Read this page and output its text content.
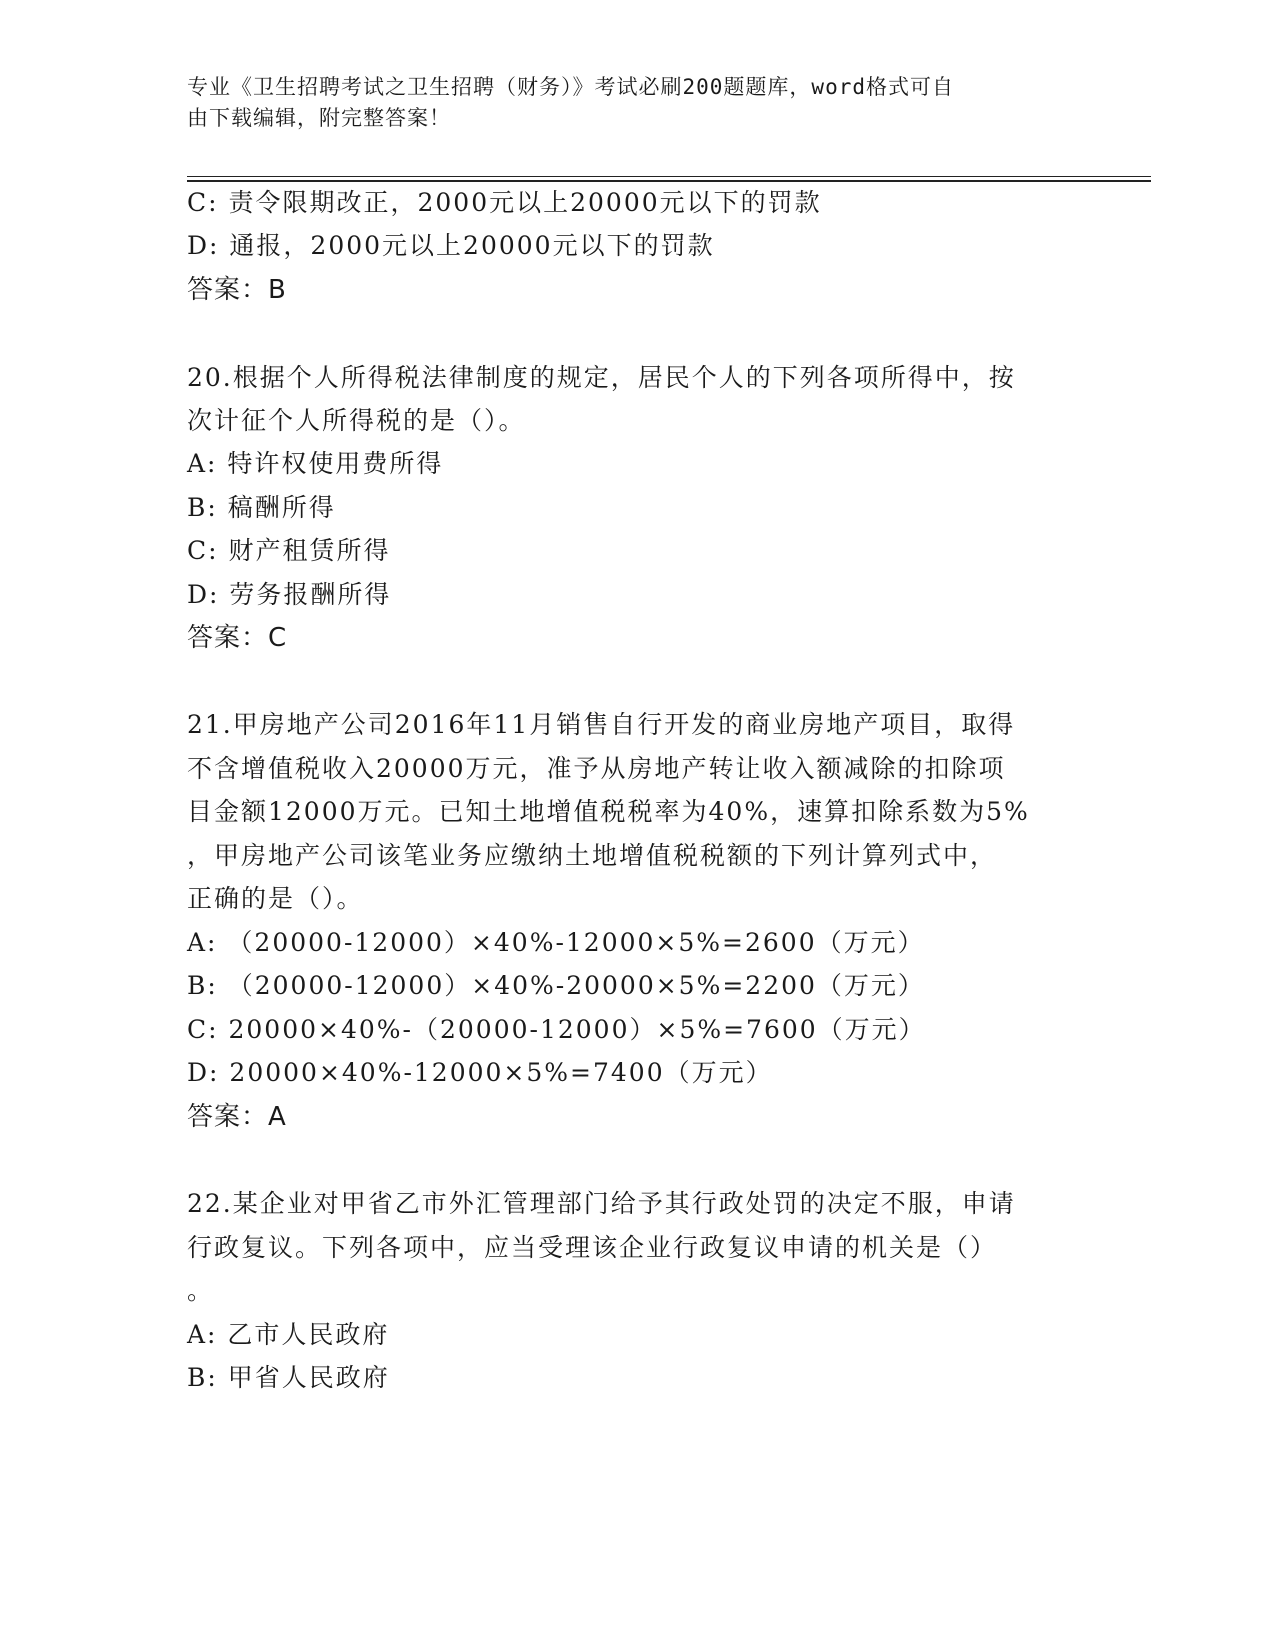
专业《卫生招聘考试之卫生招聘（财务）》考试必刷200题题库，word格式可自
由下载编辑，附完整答案！
C: 责令限期改正，2000元以上20000元以下的罚款
D: 通报，2000元以上20000元以下的罚款
答案：B
20.根据个人所得税法律制度的规定，居民个人的下列各项所得中，按
次计征个人所得税的是（）。
A: 特许权使用费所得
B: 稿酬所得
C: 财产租赁所得
D: 劳务报酬所得
答案：C
21.甲房地产公司2016年11月销售自行开发的商业房地产项目，取得
不含增值税收入20000万元，准予从房地产转让收入额减除的扣除项
目金额12000万元。已知土地增值税税率为40%，速算扣除系数为5%
，甲房地产公司该笔业务应缴纳土地增值税税额的下列计算列式中，
正确的是（）。
A: （20000-12000）×40%-12000×5%=2600（万元）
B: （20000-12000）×40%-20000×5%=2200（万元）
C: 20000×40%-（20000-12000）×5%=7600（万元）
D: 20000×40%-12000×5%=7400（万元）
答案：A
22.某企业对甲省乙市外汇管理部门给予其行政处罚的决定不服，申请
行政复议。下列各项中，应当受理该企业行政复议申请的机关是（）
。
A: 乙市人民政府
B: 甲省人民政府
